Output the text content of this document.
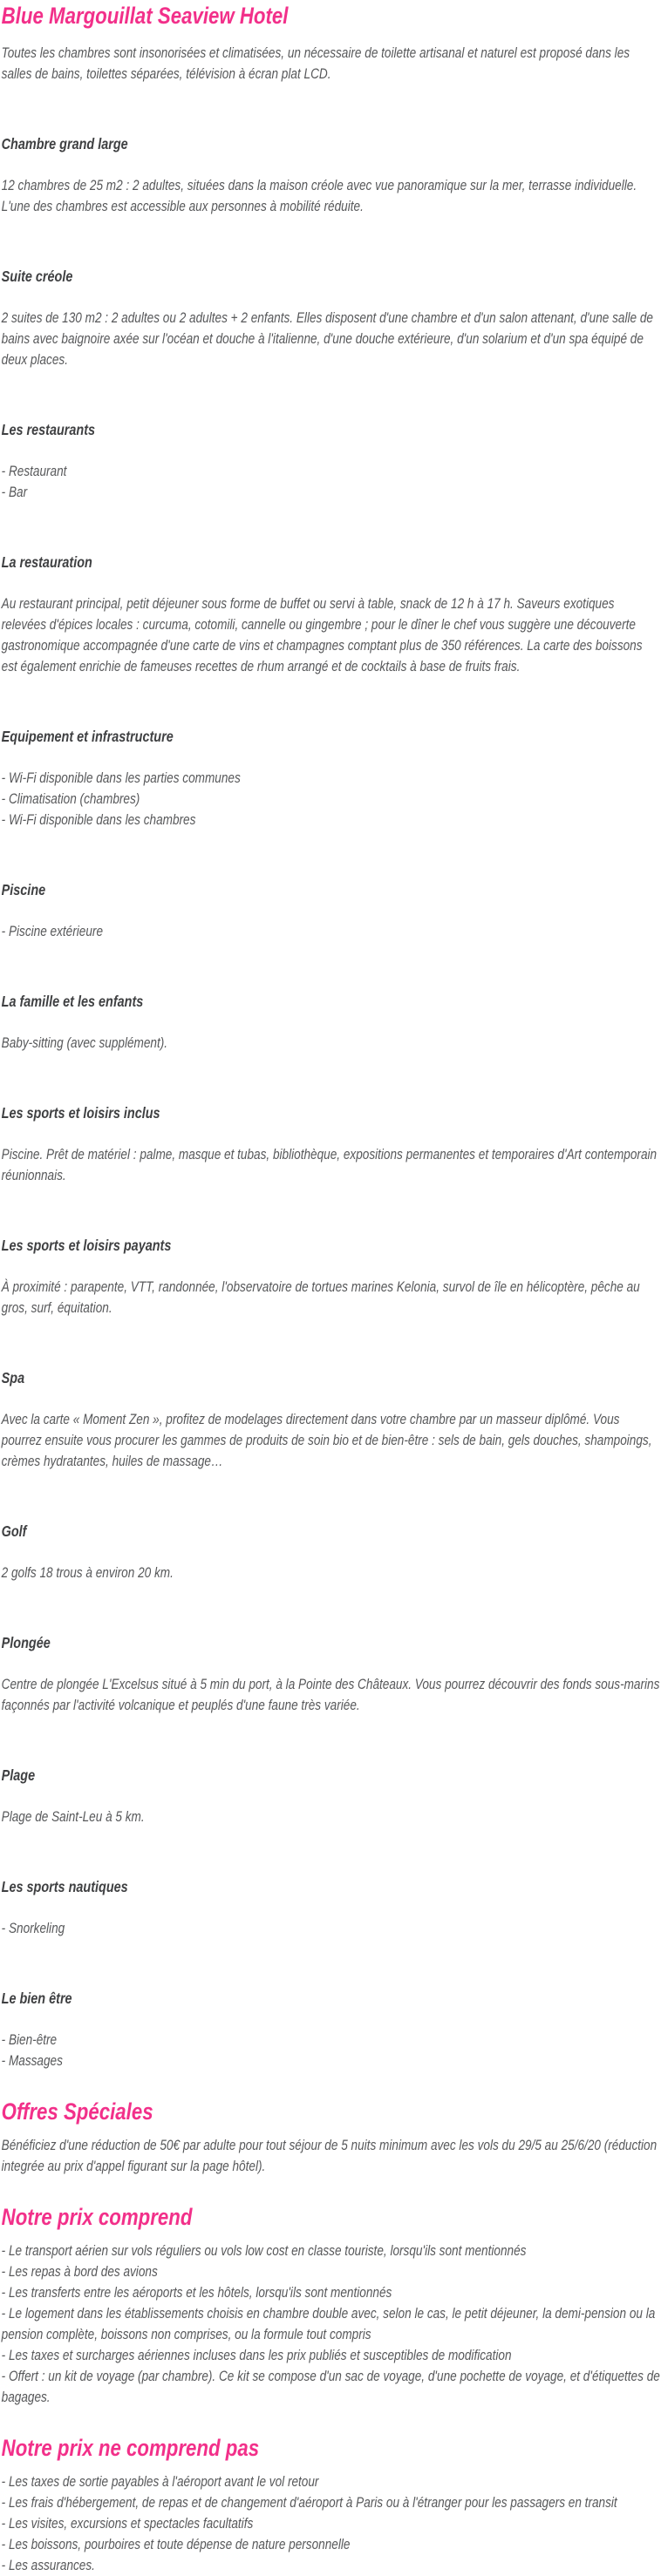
Blue Margouillat Seaview Hotel

Toutes les chambres sont insonorisées et climatisées, un nécessaire de toilette artisanal et naturel est proposé dans les salles de bains, toilettes séparées, télévision à écran plat LCD.

Chambre grand large

12 chambres de 25 m2 : 2 adultes, situées dans la maison créole avec vue panoramique sur la mer, terrasse individuelle. L'une des chambres est accessible aux personnes à mobilité réduite.

Suite créole

2 suites de 130 m2 : 2 adultes ou 2 adultes + 2 enfants. Elles disposent d'une chambre et d'un salon attenant, d'une salle de bains avec baignoire axée sur l'océan et douche à l'italienne, d'une douche extérieure, d'un solarium et d'un spa équipé de deux places.

Les restaurants
- Restaurant
- Bar
La restauration

Au restaurant principal, petit déjeuner sous forme de buffet ou servi à table, snack de 12 h à 17 h. Saveurs exotiques relevées d'épices locales : curcuma, cotomili, cannelle ou gingembre ; pour le dîner le chef vous suggère une découverte gastronomique accompagnée d'une carte de vins et champagnes comptant plus de 350 références. La carte des boissons est également enrichie de fameuses recettes de rhum arrangé et de cocktails à base de fruits frais.

Equipement et infrastructure
- Wi-Fi disponible dans les parties communes
- Climatisation (chambres)
- Wi-Fi disponible dans les chambres
Piscine
- Piscine extérieure
La famille et les enfants

Baby-sitting (avec supplément).

Les sports et loisirs inclus

Piscine. Prêt de matériel : palme, masque et tubas, bibliothèque, expositions permanentes et temporaires d'Art contemporain réunionnais.

Les sports et loisirs payants

À proximité : parapente, VTT, randonnée, l'observatoire de tortues marines Kelonia, survol de île en hélicoptère, pêche au gros, surf, équitation.

Spa

Avec la carte « Moment Zen », profitez de modelages directement dans votre chambre par un masseur diplômé. Vous pourrez ensuite vous procurer les gammes de produits de soin bio et de bien-être : sels de bain, gels douches, shampoings, crèmes hydratantes, huiles de massage…

Golf

2 golfs 18 trous à environ 20 km.

Plongée

Centre de plongée L'Excelsus situé à 5 min du port, à la Pointe des Châteaux. Vous pourrez découvrir des fonds sous-marins façonnés par l'activité volcanique et peuplés d'une faune très variée.

Plage

Plage de Saint-Leu à 5 km.

Les sports nautiques
- Snorkeling
Le bien être
- Bien-être
- Massages
Offres Spéciales

Bénéficiez d'une réduction de 50€ par adulte pour tout séjour de 5 nuits minimum avec les vols du 29/5 au 25/6/20 (réduction integrée au prix d'appel figurant sur la page hôtel).

Notre prix comprend
- Le transport aérien sur vols réguliers ou vols low cost en classe touriste, lorsqu'ils sont mentionnés
- Les repas à bord des avions
- Les transferts entre les aéroports et les hôtels, lorsqu'ils sont mentionnés
- Le logement dans les établissements choisis en chambre double avec, selon le cas, le petit déjeuner, la demi-pension ou la pension complète, boissons non comprises, ou la formule tout compris
- Les taxes et surcharges aériennes incluses dans les prix publiés et susceptibles de modification
- Offert : un kit de voyage (par chambre). Ce kit se compose d'un sac de voyage, d'une pochette de voyage, et d'étiquettes de bagages.
Notre prix ne comprend pas
- Les taxes de sortie payables à l'aéroport avant le vol retour
- Les frais d'hébergement, de repas et de changement d'aéroport à Paris ou à l'étranger pour les passagers en transit
- Les visites, excursions et spectacles facultatifs
- Les boissons, pourboires et toute dépense de nature personnelle
- Les assurances.
